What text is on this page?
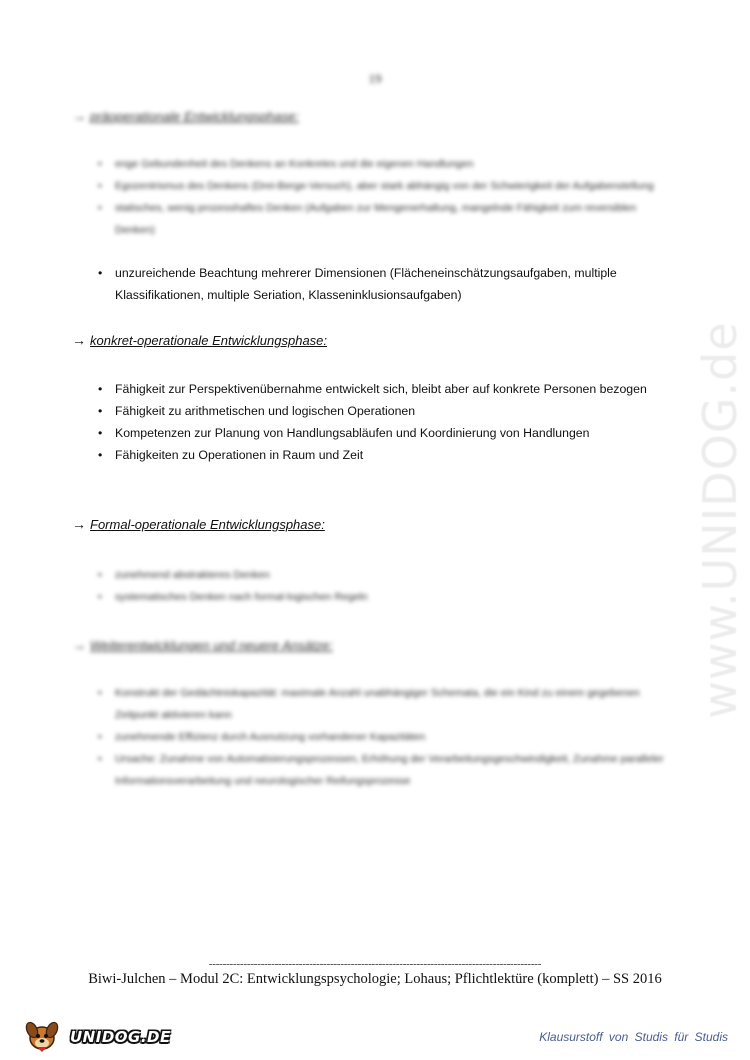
www.UNIDOG.de
19
→ präoperationale Entwicklungsphase:
• enge Gebundenheit des Denkens an Konkretes und die eigenen Handlungen
• Egozentrismus des Denkens (Drei-Berge-Versuch), aber stark abhängig von der Schwierigkeit der Aufgabenstellung
• statisches, wenig prozesshaftes Denken (Aufgaben zur Mengenerhaltung, mangelnde Fähigkeit zum reversiblen Denken)
• unzureichende Beachtung mehrerer Dimensionen (Flächeneinschätzungsaufgaben, multiple Klassifikationen, multiple Seriation, Klasseninklusionsaufgaben)
→ konkret-operationale Entwicklungsphase:
• Fähigkeit zur Perspektivenübernahme entwickelt sich, bleibt aber auf konkrete Personen bezogen
• Fähigkeit zu arithmetischen und logischen Operationen
• Kompetenzen zur Planung von Handlungsabläufen und Koordinierung von Handlungen
• Fähigkeiten zu Operationen in Raum und Zeit
→ Formal-operationale Entwicklungsphase:
• zunehmend abstrakteres Denken
• systematisches Denken nach formal-logischen Regeln
→ Weiterentwicklungen und neuere Ansätze:
• Konstrukt der Gedächtniskapazität: maximale Anzahl unabhängiger Schemata, die ein Kind zu einem gegebenen Zeitpunkt aktivieren kann
• zunehmende Effizienz durch Ausnutzung vorhandener Kapazitäten
• Ursache: Zunahme von Automatisierungsprozessen, Erhöhung der Verarbeitungsgeschwindigkeit, Zunahme paralleler Informationsverarbeitung und neurologischer Reifungsprozesse
------------------------------------------------------------------------------------------------
Biwi-Julchen – Modul 2C: Entwicklungspsychologie; Lohaus; Pflichtlektüre (komplett) – SS 2016
UNIDOG.DE	Klausurstoff von Studis für Studis
